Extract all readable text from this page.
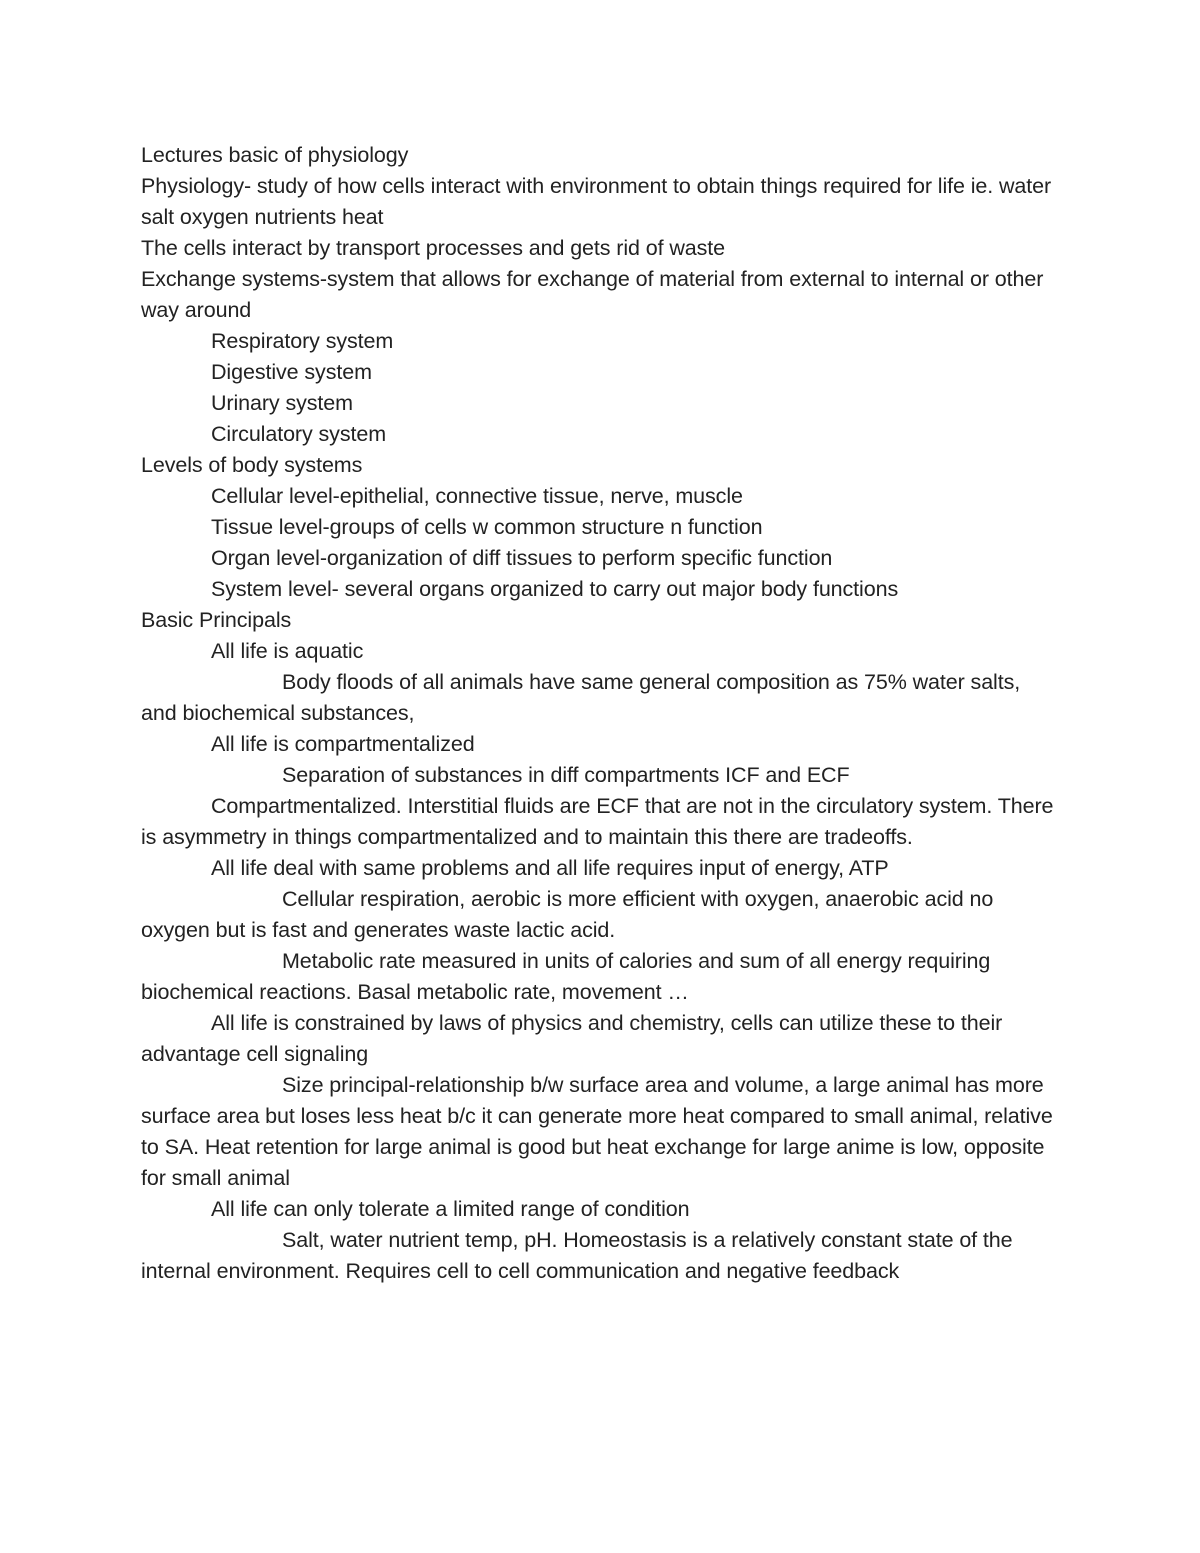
Lectures basic of physiology

Physiology- study of how cells interact with environment to obtain things required for life ie. water salt oxygen nutrients heat

The cells interact by transport processes and gets rid of waste

Exchange systems-system that allows for exchange of material from external to internal or other way around

Respiratory system

Digestive system

Urinary system

Circulatory system

Levels of body systems

Cellular level-epithelial, connective tissue, nerve, muscle

Tissue level-groups of cells w common structure n function

Organ level-organization of diff tissues to perform specific function

System level- several organs organized to carry out major body functions

Basic Principals

All life is aquatic

Body floods of all animals have same general composition as 75% water salts, and biochemical substances,

All life is compartmentalized

Separation of substances in diff compartments ICF and ECF

Compartmentalized. Interstitial fluids are ECF that are not in the circulatory system. There is asymmetry in things compartmentalized and to maintain this there are tradeoffs.

All life deal with same problems and all life requires input of energy, ATP

Cellular respiration, aerobic is more efficient with oxygen, anaerobic acid no oxygen but is fast and generates waste lactic acid.

Metabolic rate measured in units of calories and sum of all energy requiring biochemical reactions. Basal metabolic rate, movement …

All life is constrained by laws of physics and chemistry, cells can utilize these to their advantage cell signaling

Size principal-relationship b/w surface area and volume, a large animal has more surface area but loses less heat b/c it can generate more heat compared to small animal, relative to SA. Heat retention for large animal is good but heat exchange for large anime is low, opposite for small animal

All life can only tolerate a limited range of condition

Salt, water nutrient temp, pH. Homeostasis is a relatively constant state of the internal environment. Requires cell to cell communication and negative feedback
